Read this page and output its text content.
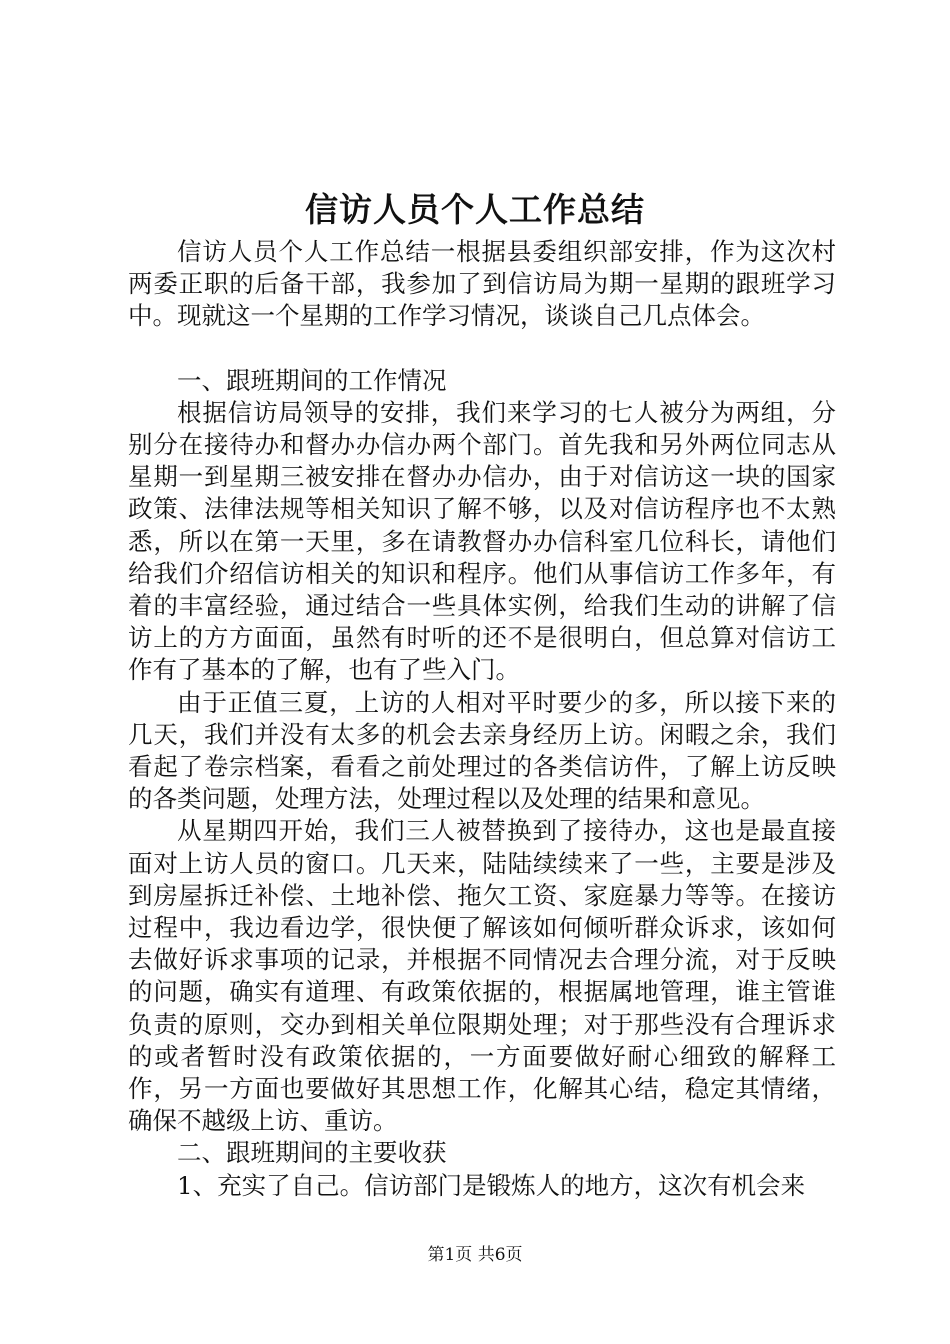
信访人员个人工作总结

信访人员个人工作总结一根据县委组织部安排，作为这次村两委正职的后备干部，我参加了到信访局为期一星期的跟班学习中。现就这一个星期的工作学习情况，谈谈自己几点体会。

一、跟班期间的工作情况

根据信访局领导的安排，我们来学习的七人被分为两组，分别分在接待办和督办办信办两个部门。首先我和另外两位同志从星期一到星期三被安排在督办办信办，由于对信访这一块的国家政策、法律法规等相关知识了解不够，以及对信访程序也不太熟悉，所以在第一天里，多在请教督办办信科室几位科长，请他们给我们介绍信访相关的知识和程序。他们从事信访工作多年，有着的丰富经验，通过结合一些具体实例，给我们生动的讲解了信访上的方方面面，虽然有时听的还不是很明白，但总算对信访工作有了基本的了解，也有了些入门。

由于正值三夏，上访的人相对平时要少的多，所以接下来的几天，我们并没有太多的机会去亲身经历上访。闲暇之余，我们看起了卷宗档案，看看之前处理过的各类信访件，了解上访反映的各类问题，处理方法，处理过程以及处理的结果和意见。

从星期四开始，我们三人被替换到了接待办，这也是最直接面对上访人员的窗口。几天来，陆陆续续来了一些，主要是涉及到房屋拆迁补偿、土地补偿、拖欠工资、家庭暴力等等。在接访过程中，我边看边学，很快便了解该如何倾听群众诉求，该如何去做好诉求事项的记录，并根据不同情况去合理分流，对于反映的问题，确实有道理、有政策依据的，根据属地管理，谁主管谁负责的原则，交办到相关单位限期处理；对于那些没有合理诉求的或者暂时没有政策依据的，一方面要做好耐心细致的解释工作，另一方面也要做好其思想工作，化解其心结，稳定其情绪，确保不越级上访、重访。

二、跟班期间的主要收获

1、充实了自己。信访部门是锻炼人的地方，这次有机会来

第1页 共6页
